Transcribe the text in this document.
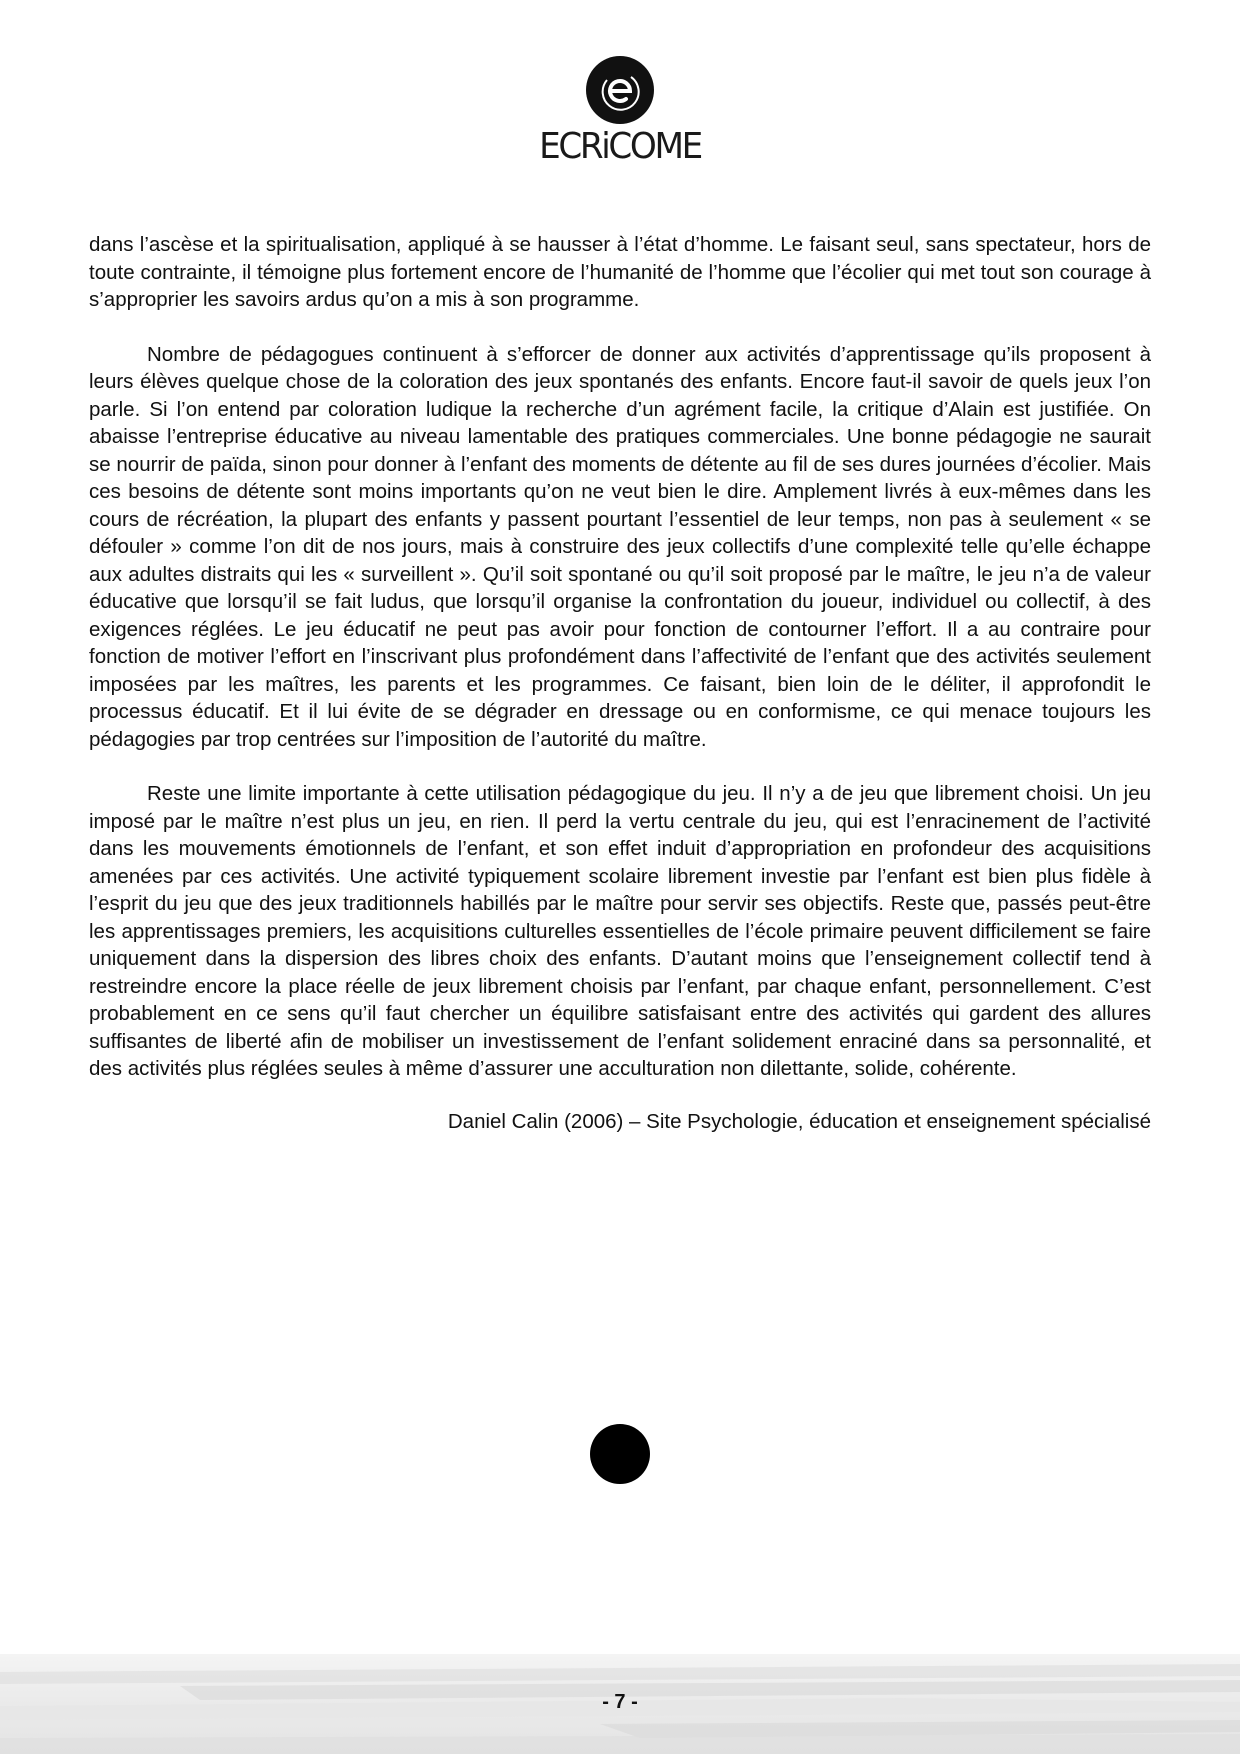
ECRiCOME

dans l’ascèse et la spiritualisation, appliqué à se hausser à l’état d’homme. Le faisant seul, sans spectateur, hors de toute contrainte, il témoigne plus fortement encore de l’humanité de l’homme que l’écolier qui met tout son courage à s’approprier les savoirs ardus qu’on a mis à son programme.

Nombre de pédagogues continuent à s’efforcer de donner aux activités d’apprentissage qu’ils proposent à leurs élèves quelque chose de la coloration des jeux spontanés des enfants. Encore faut-il savoir de quels jeux l’on parle. Si l’on entend par coloration ludique la recherche d’un agrément facile, la critique d’Alain est justifiée. On abaisse l’entreprise éducative au niveau lamentable des pratiques commerciales. Une bonne pédagogie ne saurait se nourrir de païda, sinon pour donner à l’enfant des moments de détente au fil de ses dures journées d’écolier. Mais ces besoins de détente sont moins importants qu’on ne veut bien le dire. Amplement livrés à eux-mêmes dans les cours de récréation, la plupart des enfants y passent pourtant l’essentiel de leur temps, non pas à seulement « se défouler » comme l’on dit de nos jours, mais à construire des jeux collectifs d’une complexité telle qu’elle échappe aux adultes distraits qui les « surveillent ». Qu’il soit spontané ou qu’il soit proposé par le maître, le jeu n’a de valeur éducative que lorsqu’il se fait ludus, que lorsqu’il organise la confrontation du joueur, individuel ou collectif, à des exigences réglées. Le jeu éducatif ne peut pas avoir pour fonction de contourner l’effort. Il a au contraire pour fonction de motiver l’effort en l’inscrivant plus profondément dans l’affectivité de l’enfant que des activités seulement imposées par les maîtres, les parents et les programmes. Ce faisant, bien loin de le déliter, il approfondit le processus éducatif. Et il lui évite de se dégrader en dressage ou en conformisme, ce qui menace toujours les pédagogies par trop centrées sur l’imposition de l’autorité du maître.

Reste une limite importante à cette utilisation pédagogique du jeu. Il n’y a de jeu que librement choisi. Un jeu imposé par le maître n’est plus un jeu, en rien. Il perd la vertu centrale du jeu, qui est l’enracinement de l’activité dans les mouvements émotionnels de l’enfant, et son effet induit d’appropriation en profondeur des acquisitions amenées par ces activités. Une activité typiquement scolaire librement investie par l’enfant est bien plus fidèle à l’esprit du jeu que des jeux traditionnels habillés par le maître pour servir ses objectifs. Reste que, passés peut-être les apprentissages premiers, les acquisitions culturelles essentielles de l’école primaire peuvent difficilement se faire uniquement dans la dispersion des libres choix des enfants. D’autant moins que l’enseignement collectif tend à restreindre encore la place réelle de jeux librement choisis par l’enfant, par chaque enfant, personnellement. C’est probablement en ce sens qu’il faut chercher un équilibre satisfaisant entre des activités qui gardent des allures suffisantes de liberté afin de mobiliser un investissement de l’enfant solidement enraciné dans sa personnalité, et des activités plus réglées seules à même d’assurer une acculturation non dilettante, solide, cohérente.

Daniel Calin (2006) – Site Psychologie, éducation et enseignement spécialisé
- 7 -
